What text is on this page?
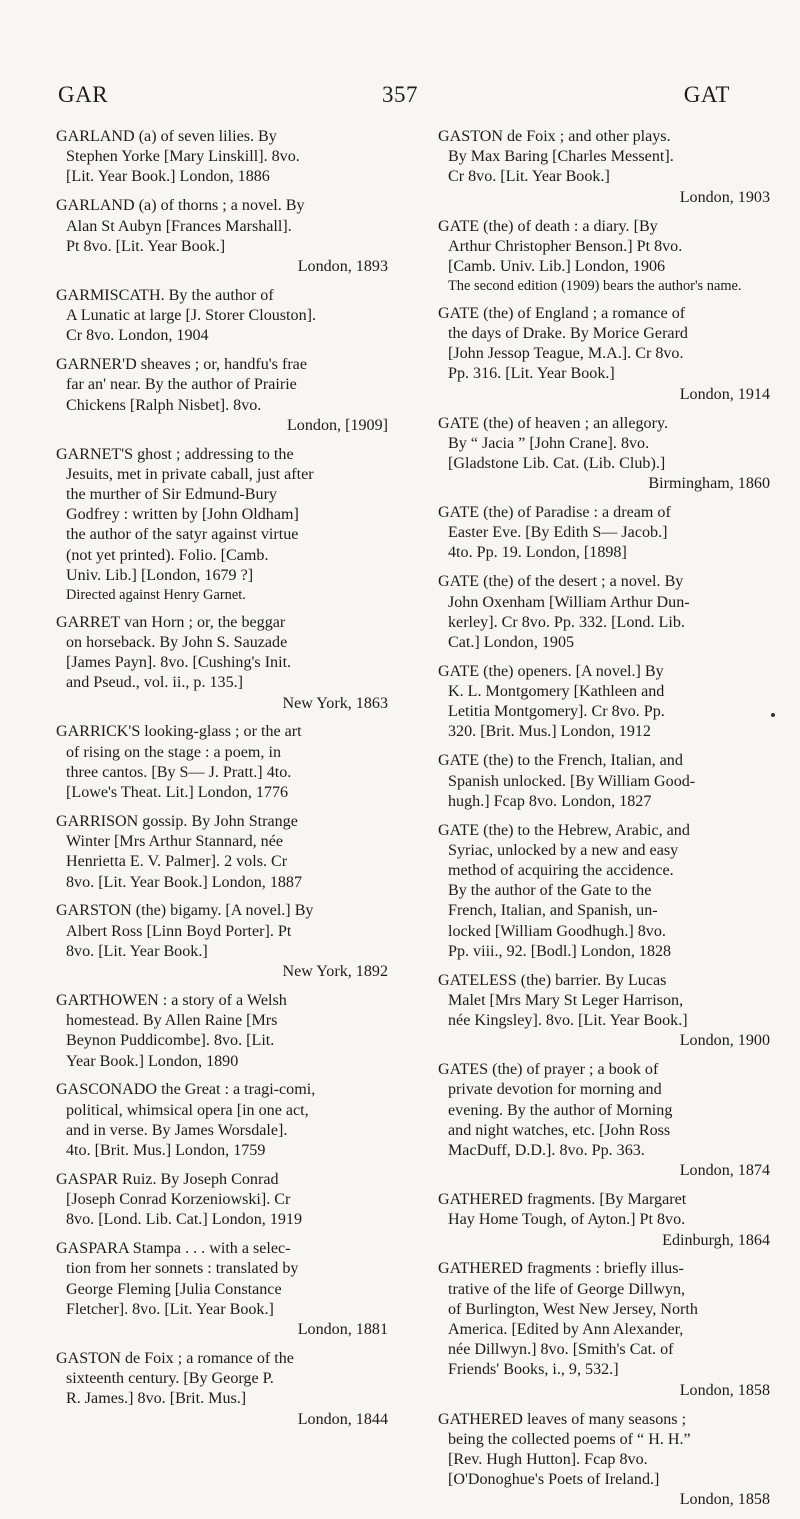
GAR	357	GAT
GARLAND (a) of seven lilies. By
Stephen Yorke [Mary Linskill]. 8vo.
[Lit. Year Book.] London, 1886
GARLAND (a) of thorns ; a novel. By
Alan St Aubyn [Frances Marshall].
Pt 8vo. [Lit. Year Book.]
London, 1893
GARMISCATH. By the author of
A Lunatic at large [J. Storer Clouston].
Cr 8vo. London, 1904
GARNER'D sheaves ; or, handfu's frae
far an' near. By the author of Prairie
Chickens [Ralph Nisbet]. 8vo.
London, [1909]
GARNET'S ghost ; addressing to the
Jesuits, met in private caball, just after
the murther of Sir Edmund-Bury
Godfrey : written by [John Oldham]
the author of the satyr against virtue
(not yet printed). Folio. [Camb.
Univ. Lib.] [London, 1679 ?]
Directed against Henry Garnet.
GARRET van Horn ; or, the beggar
on horseback. By John S. Sauzade
[James Payn]. 8vo. [Cushing's Init.
and Pseud., vol. ii., p. 135.]
New York, 1863
GARRICK'S looking-glass ; or the art
of rising on the stage : a poem, in
three cantos. [By S— J. Pratt.] 4to.
[Lowe's Theat. Lit.] London, 1776
GARRISON gossip. By John Strange
Winter [Mrs Arthur Stannard, née
Henrietta E. V. Palmer]. 2 vols. Cr
8vo. [Lit. Year Book.] London, 1887
GARSTON (the) bigamy. [A novel.] By
Albert Ross [Linn Boyd Porter]. Pt
8vo. [Lit. Year Book.]
New York, 1892
GARTHOWEN : a story of a Welsh
homestead. By Allen Raine [Mrs
Beynon Puddicombe]. 8vo. [Lit.
Year Book.] London, 1890
GASCONADO the Great : a tragi-comi,
political, whimsical opera [in one act,
and in verse. By James Worsdale].
4to. [Brit. Mus.] London, 1759
GASPAR Ruiz. By Joseph Conrad
[Joseph Conrad Korzeniowski]. Cr
8vo. [Lond. Lib. Cat.] London, 1919
GASPARA Stampa . . . with a selec-
tion from her sonnets : translated by
George Fleming [Julia Constance
Fletcher]. 8vo. [Lit. Year Book.]
London, 1881
GASTON de Foix ; a romance of the
sixteenth century. [By George P.
R. James.] 8vo. [Brit. Mus.]
London, 1844
GASTON de Foix ; and other plays.
By Max Baring [Charles Messent].
Cr 8vo. [Lit. Year Book.]
London, 1903
GATE (the) of death : a diary. [By
Arthur Christopher Benson.] Pt 8vo.
[Camb. Univ. Lib.] London, 1906
The second edition (1909) bears the author's name.
GATE (the) of England ; a romance of
the days of Drake. By Morice Gerard
[John Jessop Teague, M.A.]. Cr 8vo.
Pp. 316. [Lit. Year Book.]
London, 1914
GATE (the) of heaven ; an allegory.
By “ Jacia ” [John Crane]. 8vo.
[Gladstone Lib. Cat. (Lib. Club).]
Birmingham, 1860
GATE (the) of Paradise : a dream of
Easter Eve. [By Edith S— Jacob.]
4to. Pp. 19. London, [1898]
GATE (the) of the desert ; a novel. By
John Oxenham [William Arthur Dun-
kerley]. Cr 8vo. Pp. 332. [Lond. Lib.
Cat.] London, 1905
GATE (the) openers. [A novel.] By
K. L. Montgomery [Kathleen and
Letitia Montgomery]. Cr 8vo. Pp.
320. [Brit. Mus.] London, 1912
GATE (the) to the French, Italian, and
Spanish unlocked. [By William Good-
hugh.] Fcap 8vo. London, 1827
GATE (the) to the Hebrew, Arabic, and
Syriac, unlocked by a new and easy
method of acquiring the accidence.
By the author of the Gate to the
French, Italian, and Spanish, un-
locked [William Goodhugh.] 8vo.
Pp. viii., 92. [Bodl.] London, 1828
GATELESS (the) barrier. By Lucas
Malet [Mrs Mary St Leger Harrison,
née Kingsley]. 8vo. [Lit. Year Book.]
London, 1900
GATES (the) of prayer ; a book of
private devotion for morning and
evening. By the author of Morning
and night watches, etc. [John Ross
MacDuff, D.D.]. 8vo. Pp. 363.
London, 1874
GATHERED fragments. [By Margaret
Hay Home Tough, of Ayton.] Pt 8vo.
Edinburgh, 1864
GATHERED fragments : briefly illus-
trative of the life of George Dillwyn,
of Burlington, West New Jersey, North
America. [Edited by Ann Alexander,
née Dillwyn.] 8vo. [Smith's Cat. of
Friends' Books, i., 9, 532.]
London, 1858
GATHERED leaves of many seasons ;
being the collected poems of “ H. H.”
[Rev. Hugh Hutton]. Fcap 8vo.
[O'Donoghue's Poets of Ireland.]
London, 1858
